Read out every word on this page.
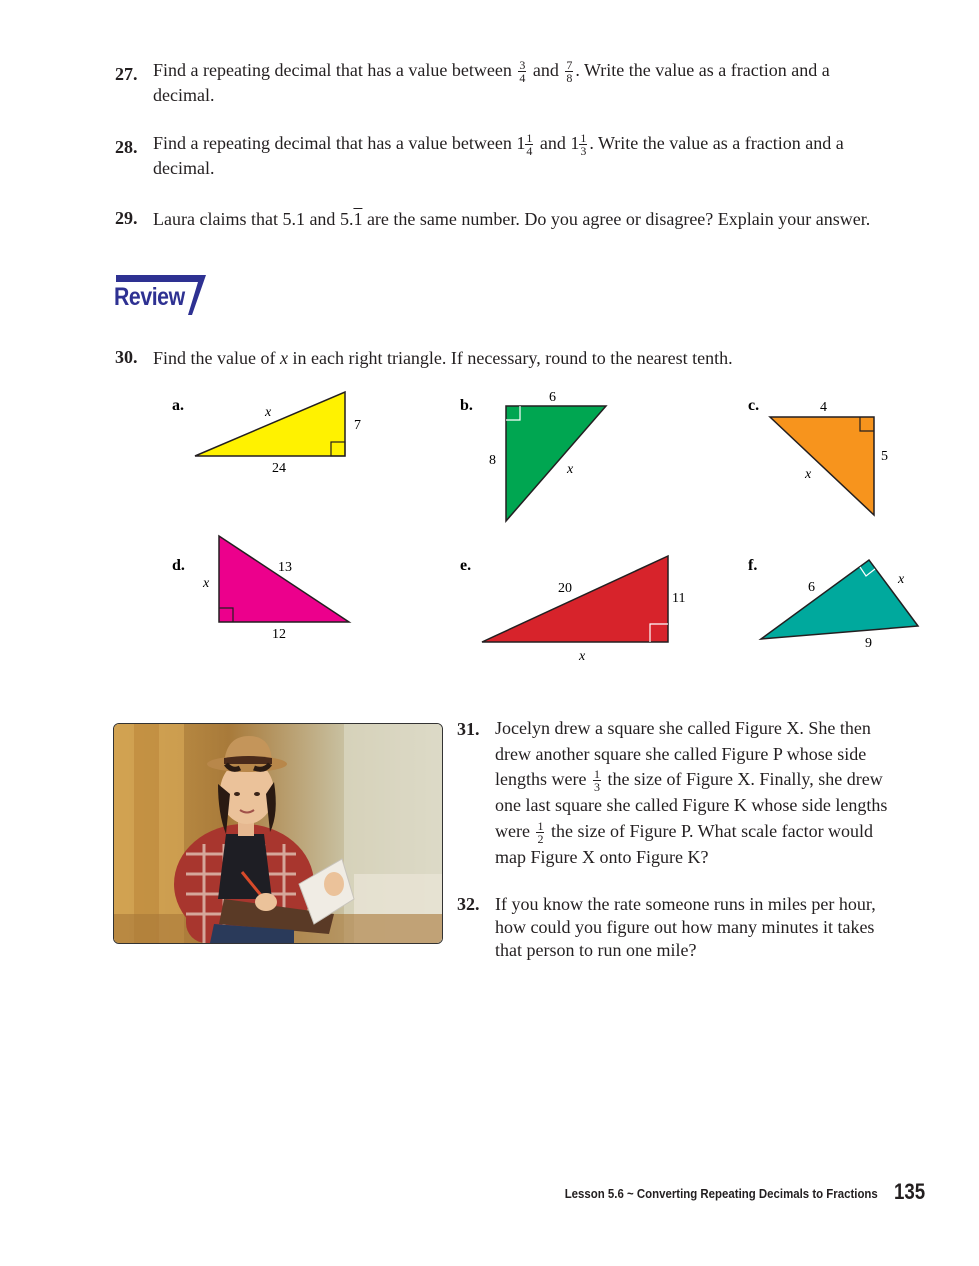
27. Find a repeating decimal that has a value between $\frac{3}{4}$ and $\frac{7}{8}$ . Write the value as a fraction and a
decimal.
28. Find a repeating decimal that has a value between $1 \frac{1}{4}$ and $1 \frac{1}{3}$ . Write the value as a fraction and a
decimal.
29. Laura claims that 5.1 and 5.1 are the same number. Do you agree or disagree? Explain your answer.
Review
30. Find the value of x in each right triangle. If necessary, round to the nearest tenth.
a.	x
7
24
b.	6
8
x
c.	4
5
x
d.
x
13
12
e.
20
11
x
f.
6
x
9
31. Jocelyn drew a square she called Figure X. She then
drew another square she called Figure P whose side
lengths were $\frac{1}{3}$ the size of Figure X. Finally, she drew
one last square she called Figure K whose side lengths
were $\frac{1}{2}$ the size of Figure P. What scale factor would
map Figure X onto Figure K?
32. If you know the rate someone runs in miles per hour,
how could you figure out how many minutes it takes
that person to run one mile?
Lesson 5.6 ~ Converting Repeating Decimals to Fractions 135
